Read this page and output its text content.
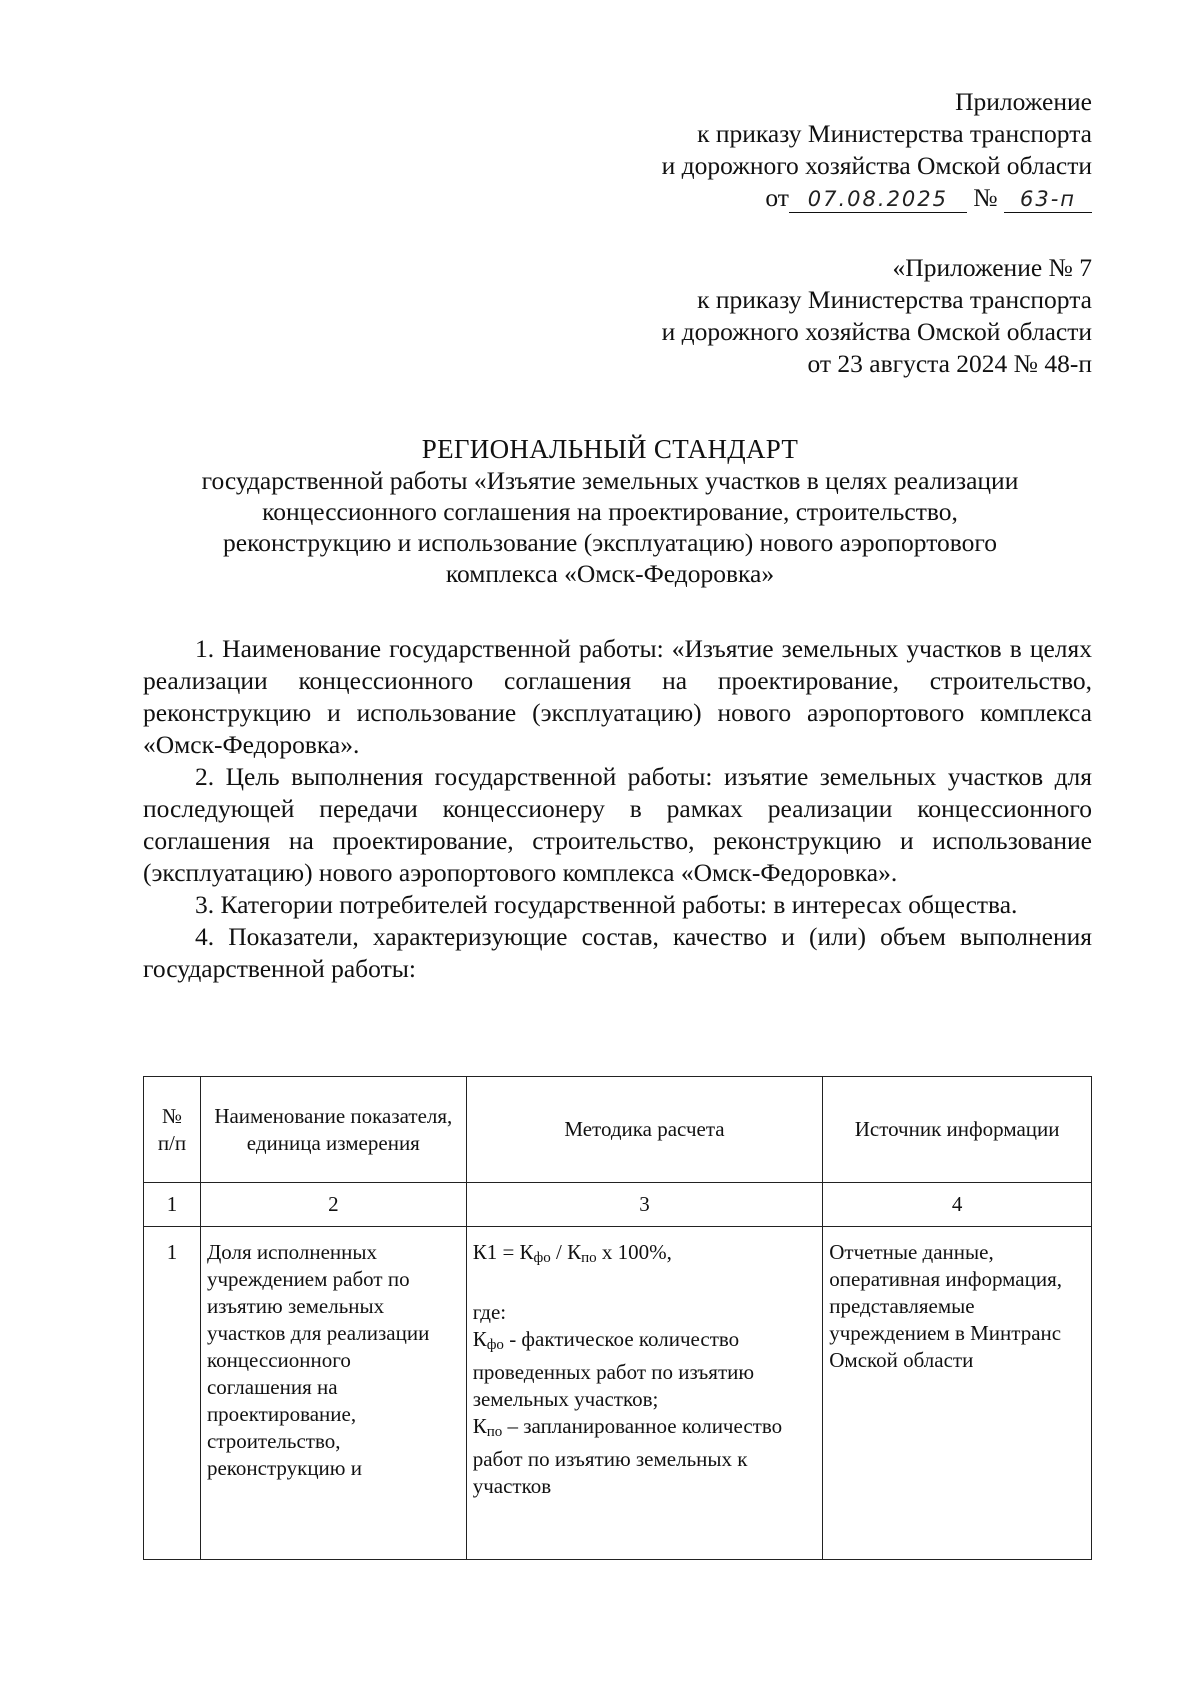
Приложение
к приказу Министерства транспорта
и дорожного хозяйства Омской области
от 07.08.2025 № 63-п
«Приложение № 7
к приказу Министерства транспорта
и дорожного хозяйства Омской области
от 23 августа 2024 № 48-п
РЕГИОНАЛЬНЫЙ СТАНДАРТ
государственной работы «Изъятие земельных участков в целях реализации
концессионного соглашения на проектирование, строительство,
реконструкцию и использование (эксплуатацию) нового аэропортового
комплекса «Омск-Федоровка»

1. Наименование государственной работы: «Изъятие земельных участков в целях реализации концессионного соглашения на проектирование, строительство, реконструкцию и использование (эксплуатацию) нового аэропортового комплекса «Омск-Федоровка».

2. Цель выполнения государственной работы: изъятие земельных участков для последующей передачи концессионеру в рамках реализации концессионного соглашения на проектирование, строительство, реконструкцию и использование (эксплуатацию) нового аэропортового комплекса «Омск-Федоровка».

3. Категории потребителей государственной работы: в интересах общества.

4. Показатели, характеризующие состав, качество и (или) объем выполнения государственной работы:

№
п/п	Наименование показателя, единица измерения	Методика расчета	Источник информации
1	2	3	4
1	Доля исполненных учреждением работ по изъятию земельных участков для реализации концессионного соглашения на проектирование, строительство, реконструкцию и	$К1 = К_{фо} / К_{по}$ х 100%,
где:
$К_{фо}$ - фактическое количество проведенных работ по изъятию земельных участков;
$К_{по}$ – запланированное количество работ по изъятию земельных к участков	Отчетные данные, оперативная информация, представляемые учреждением в Минтранс Омской области
